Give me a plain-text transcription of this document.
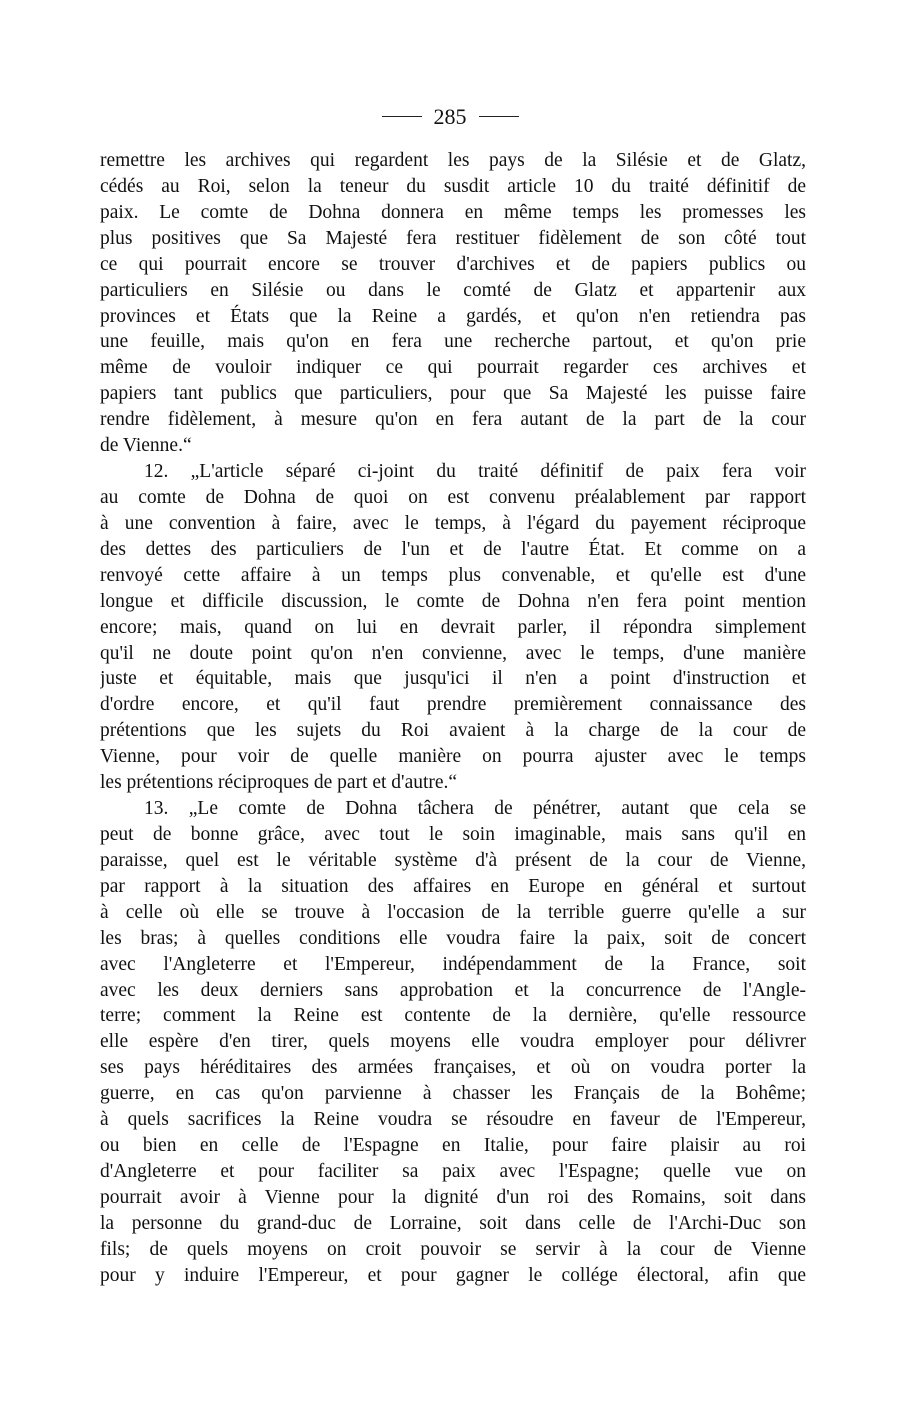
285
remettre les archives qui regardent les pays de la Silésie et de Glatz,
cédés au Roi, selon la teneur du susdit article 10 du traité définitif de
paix. Le comte de Dohna donnera en même temps les promesses les
plus positives que Sa Majesté fera restituer fidèlement de son côté tout
ce qui pourrait encore se trouver d'archives et de papiers publics ou
particuliers en Silésie ou dans le comté de Glatz et appartenir aux
provinces et États que la Reine a gardés, et qu'on n'en retiendra pas
une feuille, mais qu'on en fera une recherche partout, et qu'on prie
même de vouloir indiquer ce qui pourrait regarder ces archives et
papiers tant publics que particuliers, pour que Sa Majesté les puisse faire
rendre fidèlement, à mesure qu'on en fera autant de la part de la cour
de Vienne.“
12. „L'article séparé ci-joint du traité définitif de paix fera voir
au comte de Dohna de quoi on est convenu préalablement par rapport
à une convention à faire, avec le temps, à l'égard du payement réciproque
des dettes des particuliers de l'un et de l'autre État. Et comme on a
renvoyé cette affaire à un temps plus convenable, et qu'elle est d'une
longue et difficile discussion, le comte de Dohna n'en fera point mention
encore; mais, quand on lui en devrait parler, il répondra simplement
qu'il ne doute point qu'on n'en convienne, avec le temps, d'une manière
juste et équitable, mais que jusqu'ici il n'en a point d'instruction et
d'ordre encore, et qu'il faut prendre premièrement connaissance des
prétentions que les sujets du Roi avaient à la charge de la cour de
Vienne, pour voir de quelle manière on pourra ajuster avec le temps
les prétentions réciproques de part et d'autre.“
13. „Le comte de Dohna tâchera de pénétrer, autant que cela se
peut de bonne grâce, avec tout le soin imaginable, mais sans qu'il en
paraisse, quel est le véritable système d'à présent de la cour de Vienne,
par rapport à la situation des affaires en Europe en général et surtout
à celle où elle se trouve à l'occasion de la terrible guerre qu'elle a sur
les bras; à quelles conditions elle voudra faire la paix, soit de concert
avec l'Angleterre et l'Empereur, indépendamment de la France, soit
avec les deux derniers sans approbation et la concurrence de l'Angle-
terre; comment la Reine est contente de la dernière, qu'elle ressource
elle espère d'en tirer, quels moyens elle voudra employer pour délivrer
ses pays héréditaires des armées françaises, et où on voudra porter la
guerre, en cas qu'on parvienne à chasser les Français de la Bohême;
à quels sacrifices la Reine voudra se résoudre en faveur de l'Empereur,
ou bien en celle de l'Espagne en Italie, pour faire plaisir au roi
d'Angleterre et pour faciliter sa paix avec l'Espagne; quelle vue on
pourrait avoir à Vienne pour la dignité d'un roi des Romains, soit dans
la personne du grand-duc de Lorraine, soit dans celle de l'Archi-Duc son
fils; de quels moyens on croit pouvoir se servir à la cour de Vienne
pour y induire l'Empereur, et pour gagner le collége électoral, afin que
